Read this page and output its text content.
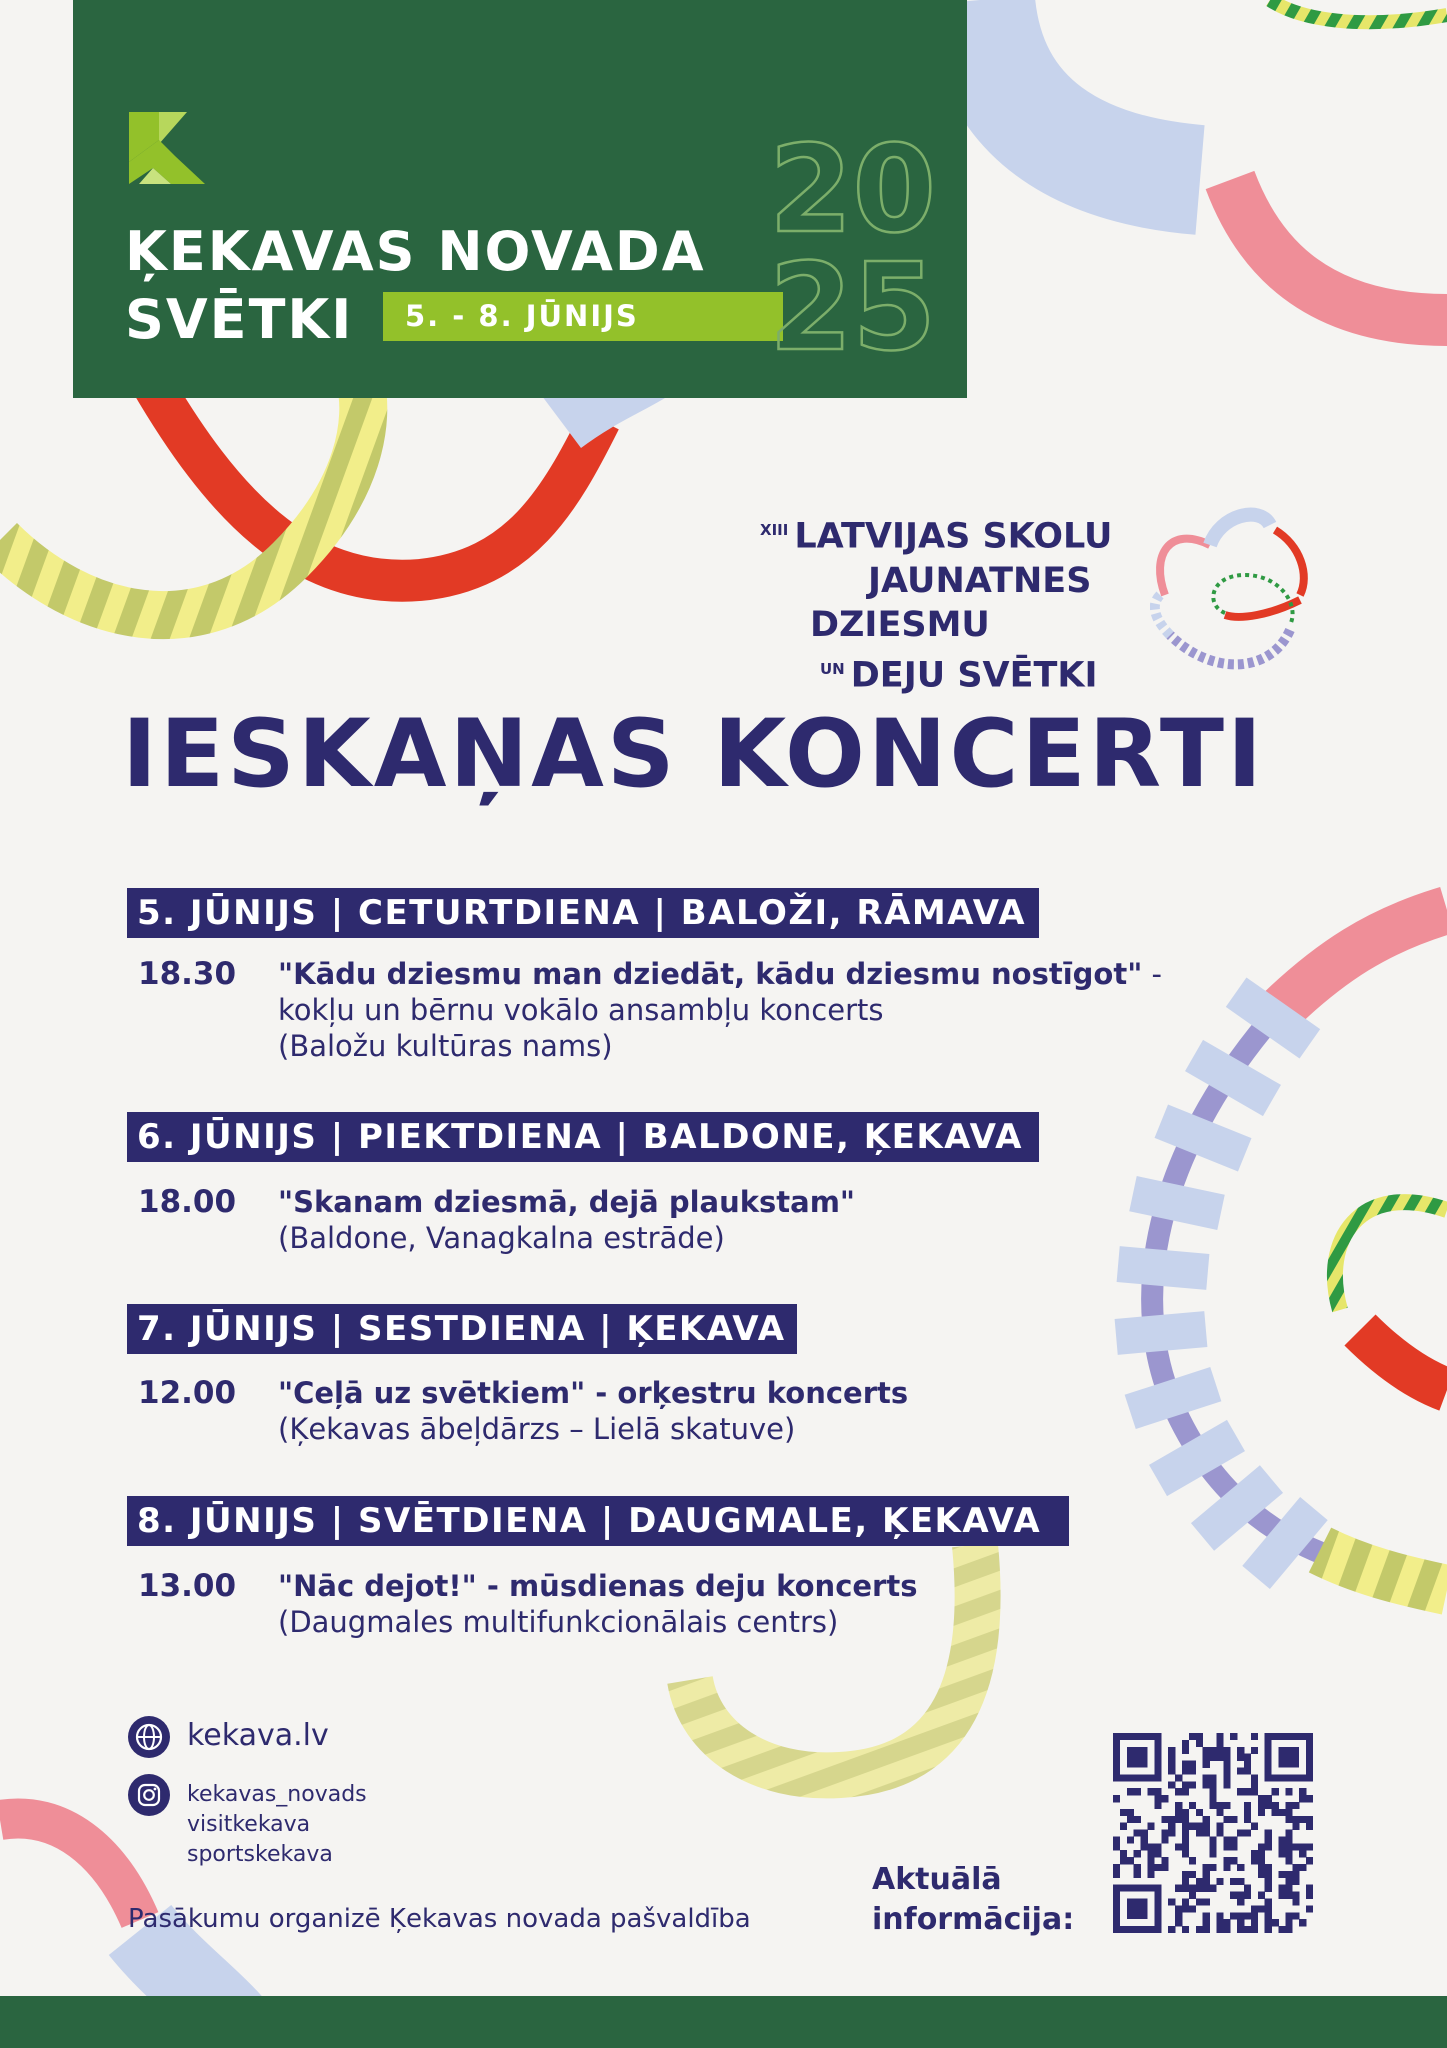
ĶEKAVAS NOVADA
SVĒTKI	5. - 8. JŪNIJS
20
25
$^{XIII}$ LATVIJAS SKOLU
JAUNATNES
DZIESMU
$^{UN}$ DEJU SVĒTKI
IESKAŅAS KONCERTI
5. JŪNIJS | CETURTDIENA | BALOŽI, RĀMAVA
18.30 "Kādu dziesmu man dziedāt, kādu dziesmu nostīgot" -
kokļu un bērnu vokālo ansambļu koncerts
(Baložu kultūras nams)
6. JŪNIJS | PIEKTDIENA | BALDONE, ĶEKAVA
18.00 "Skanam dziesmā, dejā plaukstam"
(Baldone, Vanagkalna estrāde)
7. JŪNIJS | SESTDIENA | ĶEKAVA
12.00 "Ceļā uz svētkiem" - orķestru koncerts
(Ķekavas ābeļdārzs – Lielā skatuve)
8. JŪNIJS | SVĒTDIENA | DAUGMALE, ĶEKAVA
13.00 "Nāc dejot!" - mūsdienas deju koncerts
(Daugmales multifunkcionālais centrs)
kekava.lv
kekavas_novads
visitkekava
sportskekava
Pasākumu organizē Ķekavas novada pašvaldība
Aktuālā
informācija:
